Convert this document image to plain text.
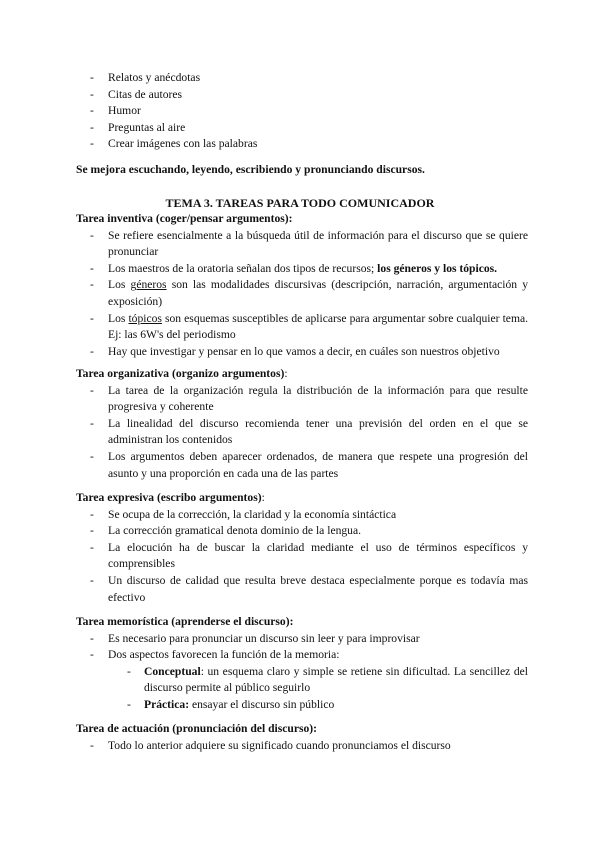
- Relatos y anécdotas
- Citas de autores
- Humor
- Preguntas al aire
- Crear imágenes con las palabras
Se mejora escuchando, leyendo, escribiendo y pronunciando discursos.
TEMA 3. TAREAS PARA TODO COMUNICADOR
Tarea inventiva (coger/pensar argumentos):
- Se refiere esencialmente a la búsqueda útil de información para el discurso que se quiere pronunciar
- Los maestros de la oratoria señalan dos tipos de recursos; los géneros y los tópicos.
- Los géneros son las modalidades discursivas (descripción, narración, argumentación y exposición)
- Los tópicos son esquemas susceptibles de aplicarse para argumentar sobre cualquier tema. Ej: las 6W's del periodismo
- Hay que investigar y pensar en lo que vamos a decir, en cuáles son nuestros objetivo
Tarea organizativa (organizo argumentos):
- La tarea de la organización regula la distribución de la información para que resulte progresiva y coherente
- La linealidad del discurso recomienda tener una previsión del orden en el que se administran los contenidos
- Los argumentos deben aparecer ordenados, de manera que respete una progresión del asunto y una proporción en cada una de las partes
Tarea expresiva (escribo argumentos):
- Se ocupa de la corrección, la claridad y la economía sintáctica
- La corrección gramatical denota dominio de la lengua.
- La elocución ha de buscar la claridad mediante el uso de términos específicos y comprensibles
- Un discurso de calidad que resulta breve destaca especialmente porque es todavía mas efectivo
Tarea memorística (aprenderse el discurso):
- Es necesario para pronunciar un discurso sin leer y para improvisar
- Dos aspectos favorecen la función de la memoria:
- Conceptual: un esquema claro y simple se retiene sin dificultad. La sencillez del discurso permite al público seguirlo
- Práctica: ensayar el discurso sin público
Tarea de actuación (pronunciación del discurso):
- Todo lo anterior adquiere su significado cuando pronunciamos el discurso
